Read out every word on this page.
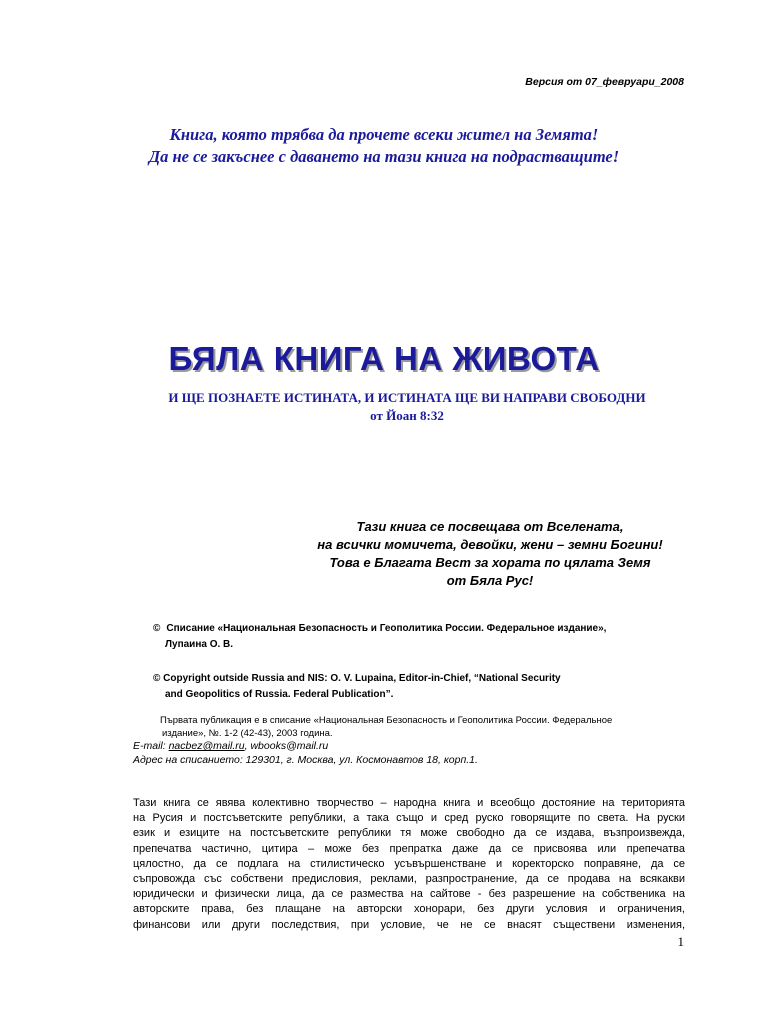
Версия от 07_февруари_2008
Книга, която трябва да прочете всеки жител на Земята!
Да не се закъснее с даването на тази книга на подрастващите!
БЯЛА КНИГА НА ЖИВОТА
И ЩЕ ПОЗНАЕТЕ ИСТИНАТА, И ИСТИНАТА ЩЕ ВИ НАПРАВИ СВОБОДНИ
от Йоан 8:32
Тази книга се посвещава от Вселената,
на всички момичета, девойки, жени – земни Богини!
Това е Благата Вест за хората по цялата Земя
от Бяла Рус!
© Списание «Национальная Безопасность и Геополитика России. Федеральное издание»,
Лупаина О. В.
© Copyright outside Russia and NIS: O. V. Lupaina, Editor-in-Chief, “National Security
and Geopolitics of Russia. Federal Publication”.
Първата публикация е в списание «Национальная Безопасность и Геополитика России. Федеральное
издание», №. 1-2 (42-43), 2003 година.
E-mail: nacbez@mail.ru, wbooks@mail.ru
Адрес на списанието: 129301, г. Москва, ул. Космонавтов 18, корп.1.
Тази книга се явява колективно творчество – народна книга и всеобщо достояние на територията
на Русия и постсъветските републики, а така също и сред руско говорящите по света. На руски
език и езиците на постсъветските републики тя може свободно да се издава, възпроизвежда,
препечатва частично, цитира – може без препратка даже да се присвоява или препечатва
цялостно, да се подлага на стилистическо усъвършенстване и коректорско поправяне, да се
съпровожда със собствени предисловия, реклами, разпространение, да се продава на всякакви
юридически и физически лица, да се размества на сайтове - без разрешение на собственика на
авторските права, без плащане на авторски хонорари, без други условия и ограничения,
финансови или други последствия, при условие, че не се внасят съществени изменения,
1
